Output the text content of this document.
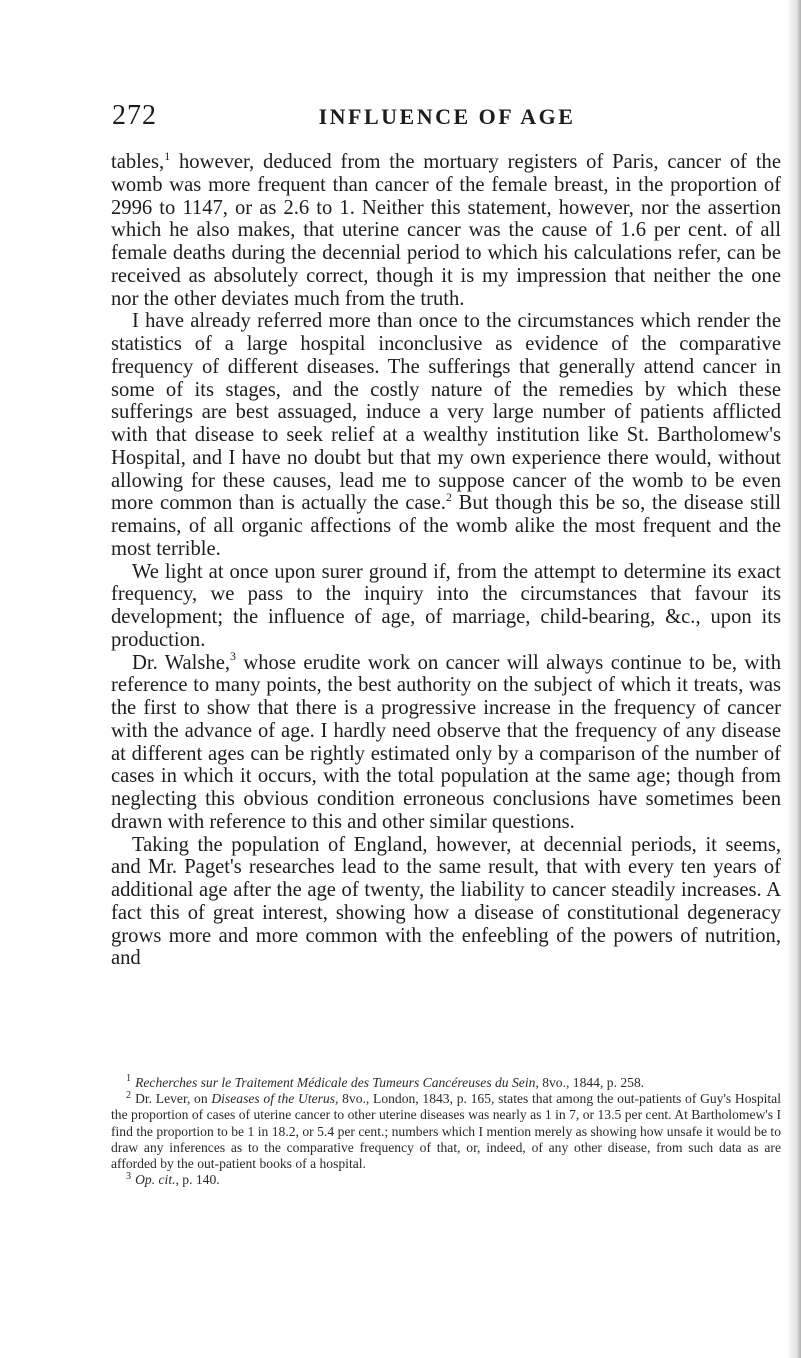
272	INFLUENCE OF AGE

tables,$^1$ however, deduced from the mortuary registers of Paris, cancer of the womb was more frequent than cancer of the female breast, in the proportion of 2996 to 1147, or as 2.6 to 1. Neither this statement, however, nor the assertion which he also makes, that uterine cancer was the cause of 1.6 per cent. of all female deaths during the decennial period to which his calculations refer, can be received as absolutely correct, though it is my impression that neither the one nor the other deviates much from the truth.

I have already referred more than once to the circumstances which render the statistics of a large hospital inconclusive as evidence of the comparative frequency of different diseases. The sufferings that generally attend cancer in some of its stages, and the costly nature of the remedies by which these sufferings are best assuaged, induce a very large number of patients afflicted with that disease to seek relief at a wealthy institution like St. Bartholomew's Hospital, and I have no doubt but that my own experience there would, without allowing for these causes, lead me to suppose cancer of the womb to be even more common than is actually the case.$^2$ But though this be so, the disease still remains, of all organic affections of the womb alike the most frequent and the most terrible.

We light at once upon surer ground if, from the attempt to determine its exact frequency, we pass to the inquiry into the circumstances that favour its development; the influence of age, of marriage, child-bearing, &c., upon its production.

Dr. Walshe,$^3$ whose erudite work on cancer will always continue to be, with reference to many points, the best authority on the subject of which it treats, was the first to show that there is a progressive increase in the frequency of cancer with the advance of age. I hardly need observe that the frequency of any disease at different ages can be rightly estimated only by a comparison of the number of cases in which it occurs, with the total population at the same age; though from neglecting this obvious condition erroneous conclusions have sometimes been drawn with reference to this and other similar questions.

Taking the population of England, however, at decennial periods, it seems, and Mr. Paget's researches lead to the same result, that with every ten years of additional age after the age of twenty, the liability to cancer steadily increases. A fact this of great interest, showing how a disease of constitutional degeneracy grows more and more common with the enfeebling of the powers of nutrition, and

$^1$ Recherches sur le Traitement Médicale des Tumeurs Cancéreuses du Sein, 8vo., 1844, p. 258.

$^2$ Dr. Lever, on Diseases of the Uterus, 8vo., London, 1843, p. 165, states that among the out-patients of Guy's Hospital the proportion of cases of uterine cancer to other uterine diseases was nearly as 1 in 7, or 13.5 per cent. At Bartholomew's I find the proportion to be 1 in 18.2, or 5.4 per cent.; numbers which I mention merely as showing how unsafe it would be to draw any inferences as to the comparative frequency of that, or, indeed, of any other disease, from such data as are afforded by the out-patient books of a hospital.

$^3$ Op. cit., p. 140.
